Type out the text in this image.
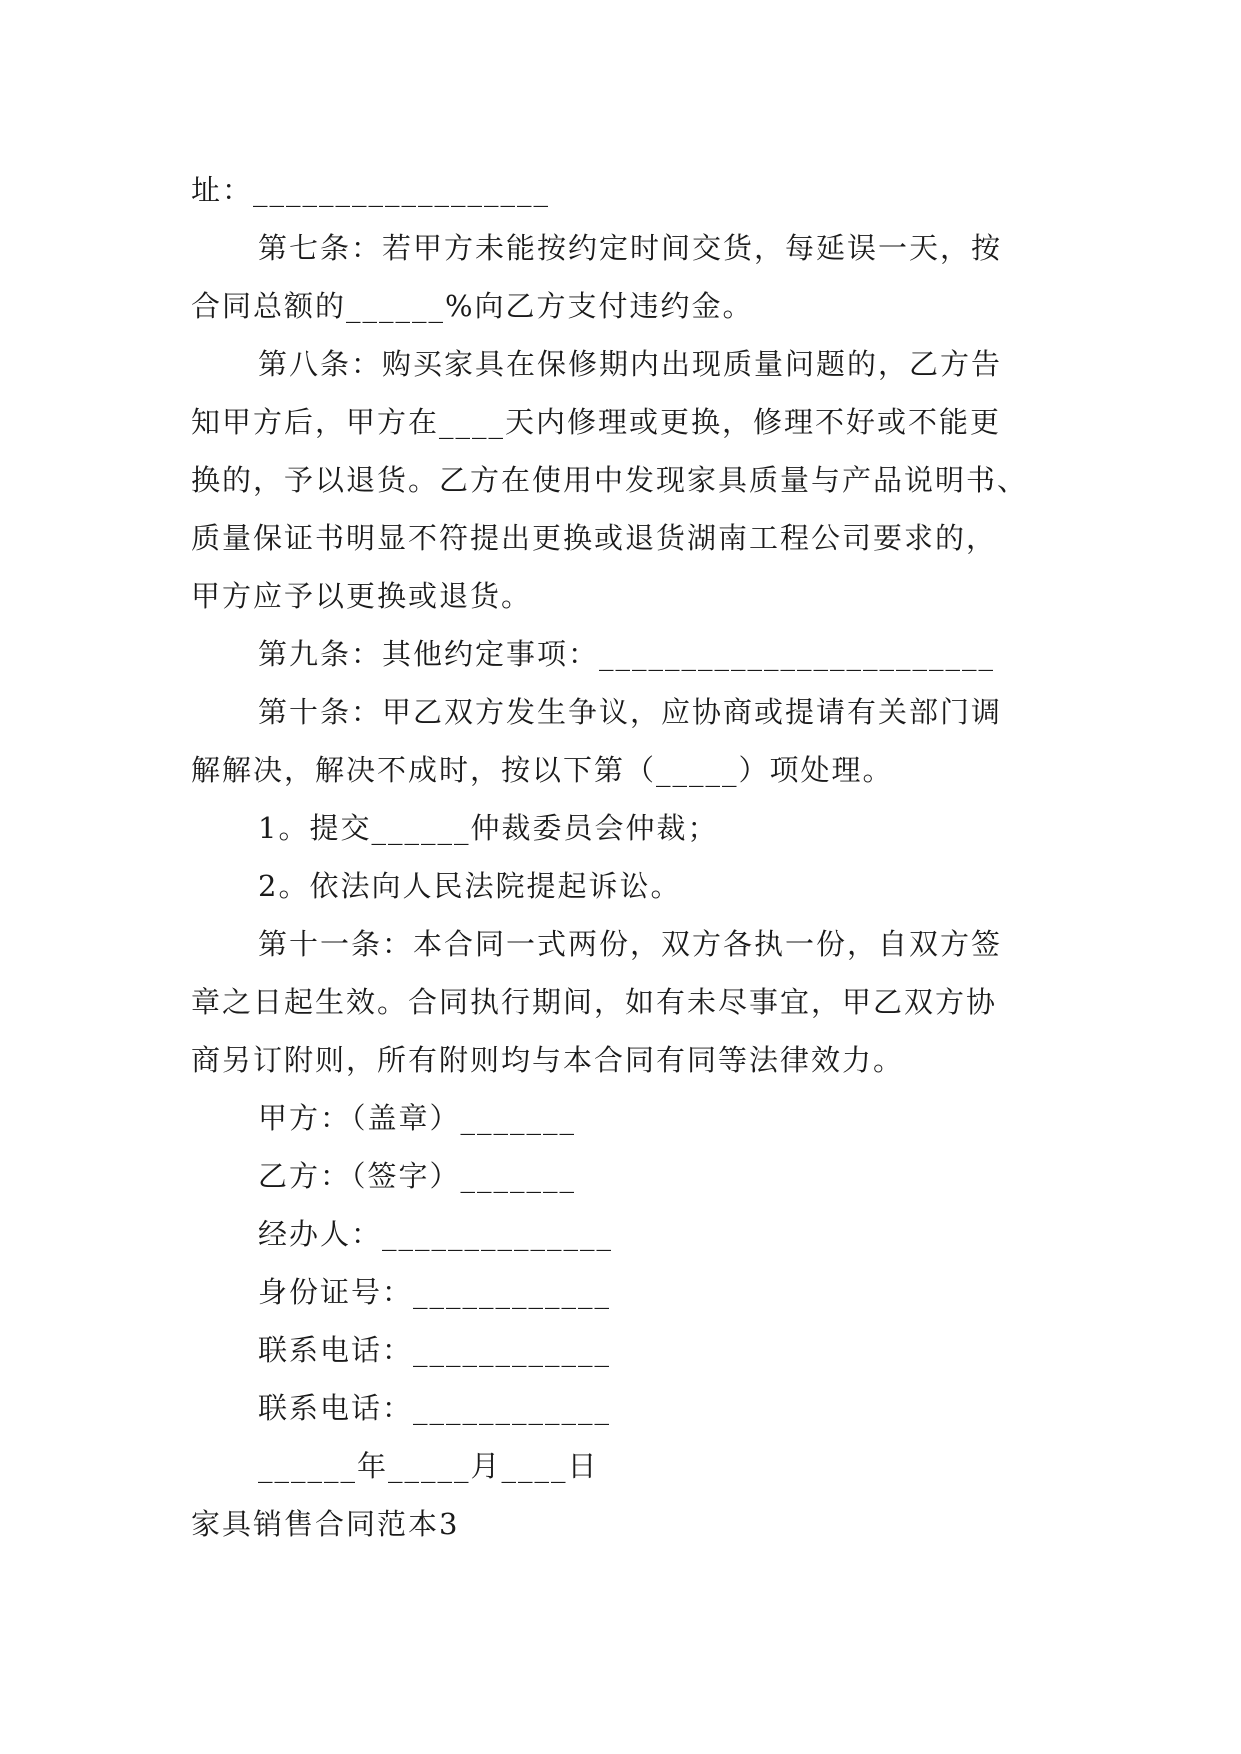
址：__________________
第七条：若甲方未能按约定时间交货，每延误一天，按
合同总额的______%向乙方支付违约金。
第八条：购买家具在保修期内出现质量问题的，乙方告
知甲方后，甲方在____天内修理或更换，修理不好或不能更
换的，予以退货。乙方在使用中发现家具质量与产品说明书、
质量保证书明显不符提出更换或退货湖南工程公司要求的，
甲方应予以更换或退货。
第九条：其他约定事项：________________________
第十条：甲乙双方发生争议，应协商或提请有关部门调
解解决，解决不成时，按以下第（_____）项处理。
1。提交______仲裁委员会仲裁；
2。依法向人民法院提起诉讼。
第十一条：本合同一式两份，双方各执一份，自双方签
章之日起生效。合同执行期间，如有未尽事宜，甲乙双方协
商另订附则，所有附则均与本合同有同等法律效力。
甲方：（盖章）_______
乙方：（签字）_______
经办人：______________
身份证号：____________
联系电话：____________
联系电话：____________
______年_____月____日
家具销售合同范本3
